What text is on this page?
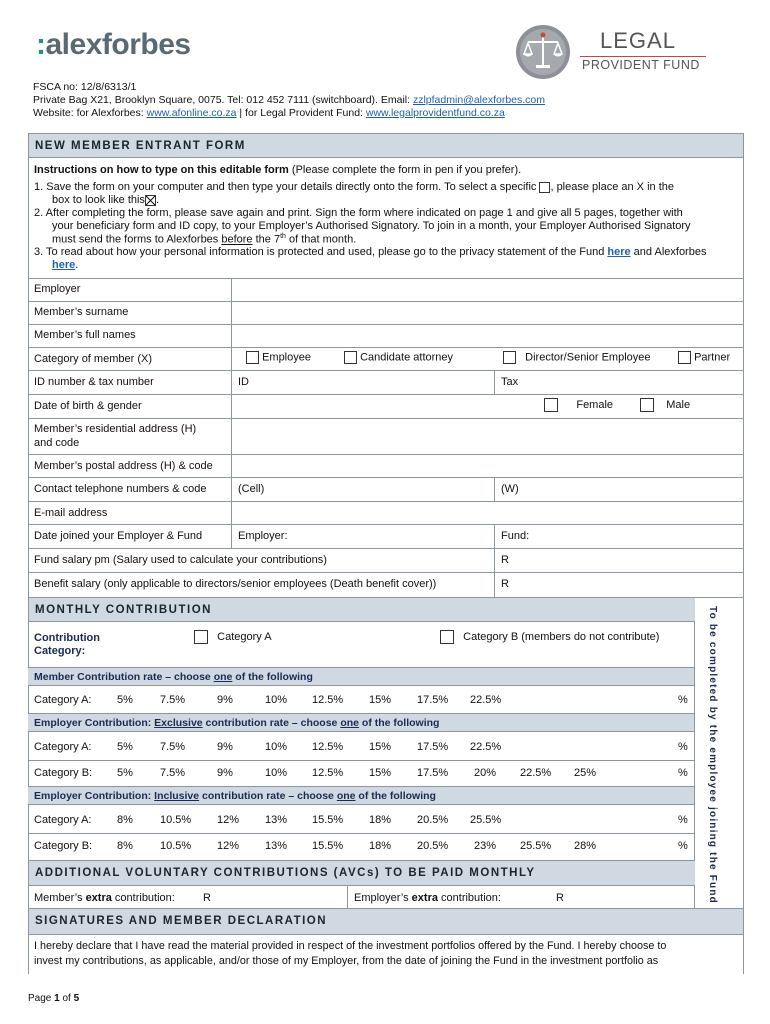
:alexforbes	LEGAL
PROVIDENT FUND
FSCA no: 12/8/6313/1
Private Bag X21, Brooklyn Square, 0075. Tel: 012 452 7111 (switchboard). Email: zzlpfadmin@alexforbes.com
Website: for Alexforbes: www.afonline.co.za | for Legal Provident Fund: www.legalprovidentfund.co.za
NEW MEMBER ENTRANT FORM
Instructions on how to type on this editable form (Please complete the form in pen if you prefer).
1. Save the form on your computer and then type your details directly onto the form. To select a specific , please place an X in the
box to look like this .
2. After completing the form, please save again and print. Sign the form where indicated on page 1 and give all 5 pages, together with
your beneficiary form and ID copy, to your Employer’s Authorised Signatory. To join in a month, your Employer Authorised Signatory
must send the forms to Alexforbes before the 7th of that month.
3. To read about how your personal information is protected and used, please go to the privacy statement of the Fund here and Alexforbes
here.
Employer
Member’s surname
Member’s full names
Category of member (X)	Employee	Candidate attorney	Director/Senior Employee	Partner
ID number & tax number	ID	Tax
Date of birth & gender	Female	Male
Member’s residential address (H)
and code
Member’s postal address (H) & code
Contact telephone numbers & code	(Cell)	(W)
E-mail address
Date joined your Employer & Fund	Employer:	Fund:
Fund salary pm (Salary used to calculate your contributions)	R
Benefit salary (only applicable to directors/senior employees (Death benefit cover))	R
MONTHLY CONTRIBUTION	To be completed by the employee joining the Fund
Contribution
Category:
Category A	Category B (members do not contribute)
Member Contribution rate – choose one of the following
Category A: 5% 7.5%	9%	10% 12.5% 15% 17.5% 22.5%	%
Employer Contribution: Exclusive contribution rate – choose one of the following
Category A: 5% 7.5%	9%	10% 12.5% 15% 17.5% 22.5%	%
Category B: 5% 7.5%	9%	10% 12.5% 15% 17.5% 20% 22.5% 25%	%
Employer Contribution: Inclusive contribution rate – choose one of the following
Category A: 8% 10.5% 12% 13% 15.5% 18% 20.5% 25.5%	%
Category B: 8% 10.5% 12% 13% 15.5% 18% 20.5% 23% 25.5% 28%	%
ADDITIONAL VOLUNTARY CONTRIBUTIONS (AVCs) TO BE PAID MONTHLY
Member’s extra contribution:	R	Employer’s extra contribution:	R
SIGNATURES AND MEMBER DECLARATION
I hereby declare that I have read the material provided in respect of the investment portfolios offered by the Fund. I hereby choose to
invest my contributions, as applicable, and/or those of my Employer, from the date of joining the Fund in the investment portfolio as
Page 1 of 5
